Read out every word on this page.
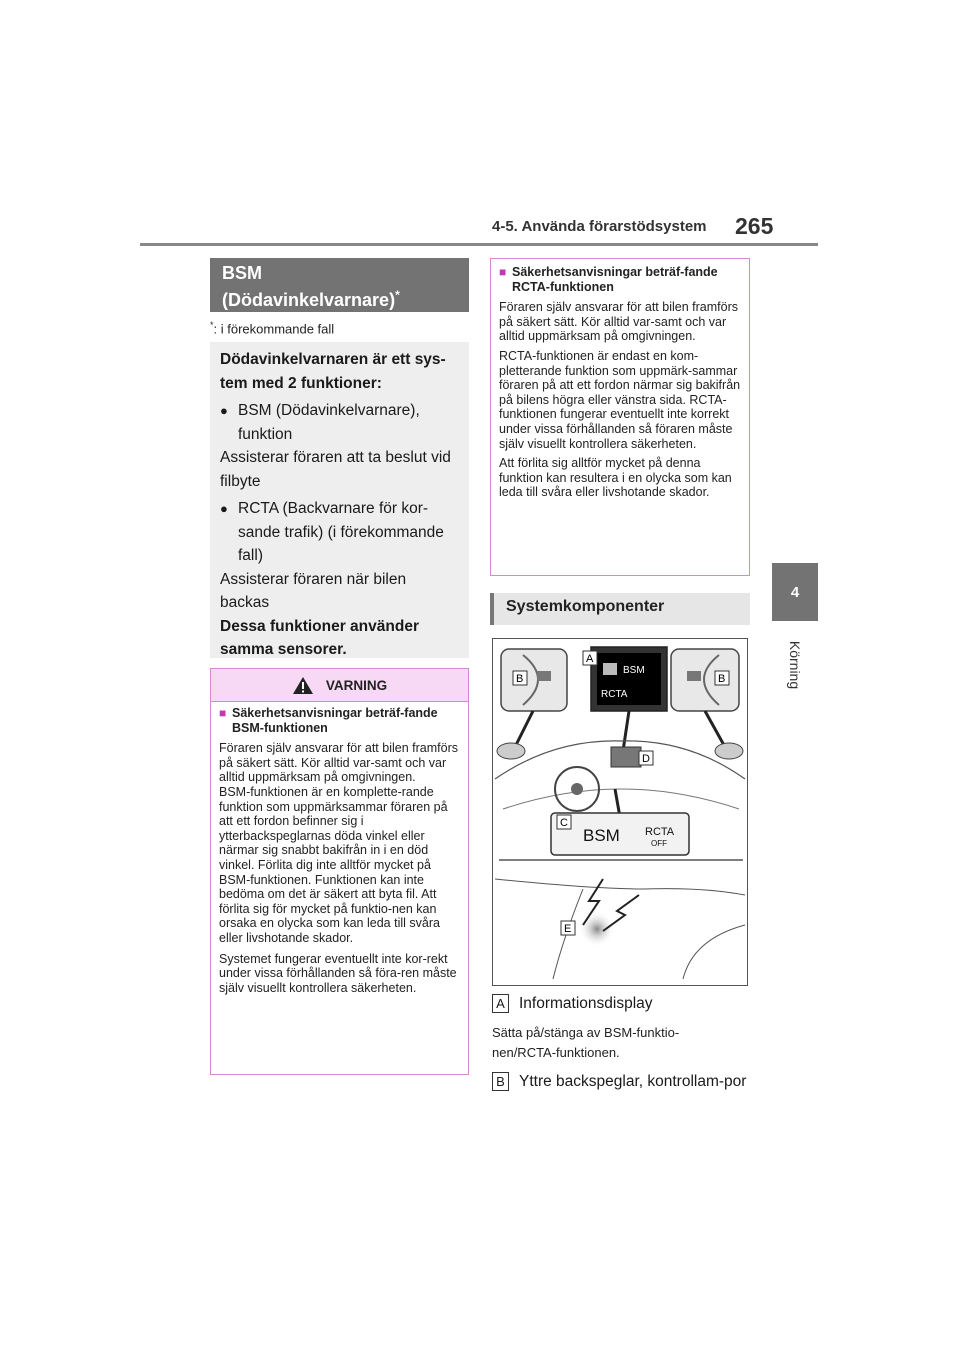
4-5. Använda förarstödsystem 265
4
Körning
BSM
(Dödavinkelvarnare)*
*: i förekommande fall

Dödavinkelvarnaren är ett sys-tem med 2 funktioner:

● BSM (Dödavinkelvarnare), funktion

Assisterar föraren att ta beslut vid filbyte

● RCTA (Backvarnare för kor-sande trafik) (i förekommande fall)

Assisterar föraren när bilen backas

Dessa funktioner använder samma sensorer.

VARNING
■ Säkerhetsanvisningar beträf-fande BSM-funktionen

Föraren själv ansvarar för att bilen framförs på säkert sätt. Kör alltid var-samt och var alltid uppmärksam på omgivningen.

BSM-funktionen är en komplette-rande funktion som uppmärksammar föraren på att ett fordon befinner sig i ytterbackspeglarnas döda vinkel eller närmar sig snabbt bakifrån in i en död vinkel. Förlita dig inte alltför mycket på BSM-funktionen. Funktionen kan inte bedöma om det är säkert att byta fil. Att förlita sig för mycket på funktio-nen kan orsaka en olycka som kan leda till svåra eller livshotande skador.

Systemet fungerar eventuellt inte kor-rekt under vissa förhållanden så föra-ren måste själv visuellt kontrollera säkerheten.

■ Säkerhetsanvisningar beträf-fande RCTA-funktionen

Föraren själv ansvarar för att bilen framförs på säkert sätt. Kör alltid var-samt och var alltid uppmärksam på omgivningen.

RCTA-funktionen är endast en kom-pletterande funktion som uppmärk-sammar föraren på att ett fordon närmar sig bakifrån på bilens högra eller vänstra sida. RCTA-funktionen fungerar eventuellt inte korrekt under vissa förhållanden så föraren måste själv visuellt kontrollera säkerheten.

Att förlita sig alltför mycket på denna funktion kan resultera i en olycka som kan leda till svåra eller livshotande skador.

Systemkomponenter
BSM
RCTA
BSM RCTA
OFF
A
B	B
C
D
E
A Informationsdisplay
Sätta på/stänga av BSM-funktio-nen/RCTA-funktionen.
B Yttre backspeglar, kontrollam-por
